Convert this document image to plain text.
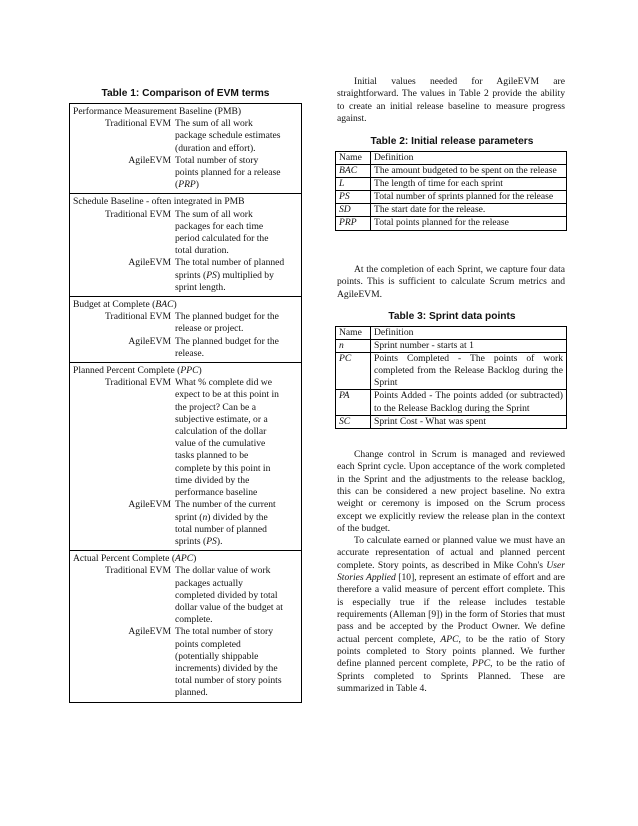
Table 1: Comparison of EVM terms
Performance Measurement Baseline (PMB)
Traditional EVM The sum of all work
package schedule estimates
(duration and effort).
AgileEVM Total number of story
points planned for a release
(PRP)
Schedule Baseline - often integrated in PMB
Traditional EVM The sum of all work
packages for each time
period calculated for the
total duration.
AgileEVM The total number of planned
sprints (PS) multiplied by
sprint length.
Budget at Complete (BAC)
Traditional EVM The planned budget for the
release or project.
AgileEVM The planned budget for the
release.
Planned Percent Complete (PPC)
Traditional EVM What % complete did we
expect to be at this point in
the project? Can be a
subjective estimate, or a
calculation of the dollar
value of the cumulative
tasks planned to be
complete by this point in
time divided by the
performance baseline
AgileEVM The number of the current
sprint (n) divided by the
total number of planned
sprints (PS).
Actual Percent Complete (APC)
Traditional EVM The dollar value of work
packages actually
completed divided by total
dollar value of the budget at
complete.
AgileEVM The total number of story
points completed
(potentially shippable
increments) divided by the
total number of story points
planned.

Initial values needed for AgileEVM are straightforward. The values in Table 2 provide the ability to create an initial release baseline to measure progress against.

Table 2: Initial release parameters
Name	Definition
BAC	The amount budgeted to be spent on the release
L	The length of time for each sprint
PS	Total number of sprints planned for the release
SD	The start date for the release.
PRP	Total points planned for the release

At the completion of each Sprint, we capture four data points. This is sufficient to calculate Scrum metrics and AgileEVM.

Table 3: Sprint data points
Name	Definition
n	Sprint number - starts at 1
PC	Points Completed - The points of work completed from the Release Backlog during the Sprint
PA	Points Added - The points added (or subtracted) to the Release Backlog during the Sprint
SC	Sprint Cost - What was spent

Change control in Scrum is managed and reviewed each Sprint cycle. Upon acceptance of the work completed in the Sprint and the adjustments to the release backlog, this can be considered a new project baseline. No extra weight or ceremony is imposed on the Scrum process except we explicitly review the release plan in the context of the budget.

To calculate earned or planned value we must have an accurate representation of actual and planned percent complete. Story points, as described in Mike Cohn's User Stories Applied [10], represent an estimate of effort and are therefore a valid measure of percent effort complete. This is especially true if the release includes testable requirements (Alleman [9]) in the form of Stories that must pass and be accepted by the Product Owner. We define actual percent complete, APC, to be the ratio of Story points completed to Story points planned. We further define planned percent complete, PPC, to be the ratio of Sprints completed to Sprints Planned. These are summarized in Table 4.
